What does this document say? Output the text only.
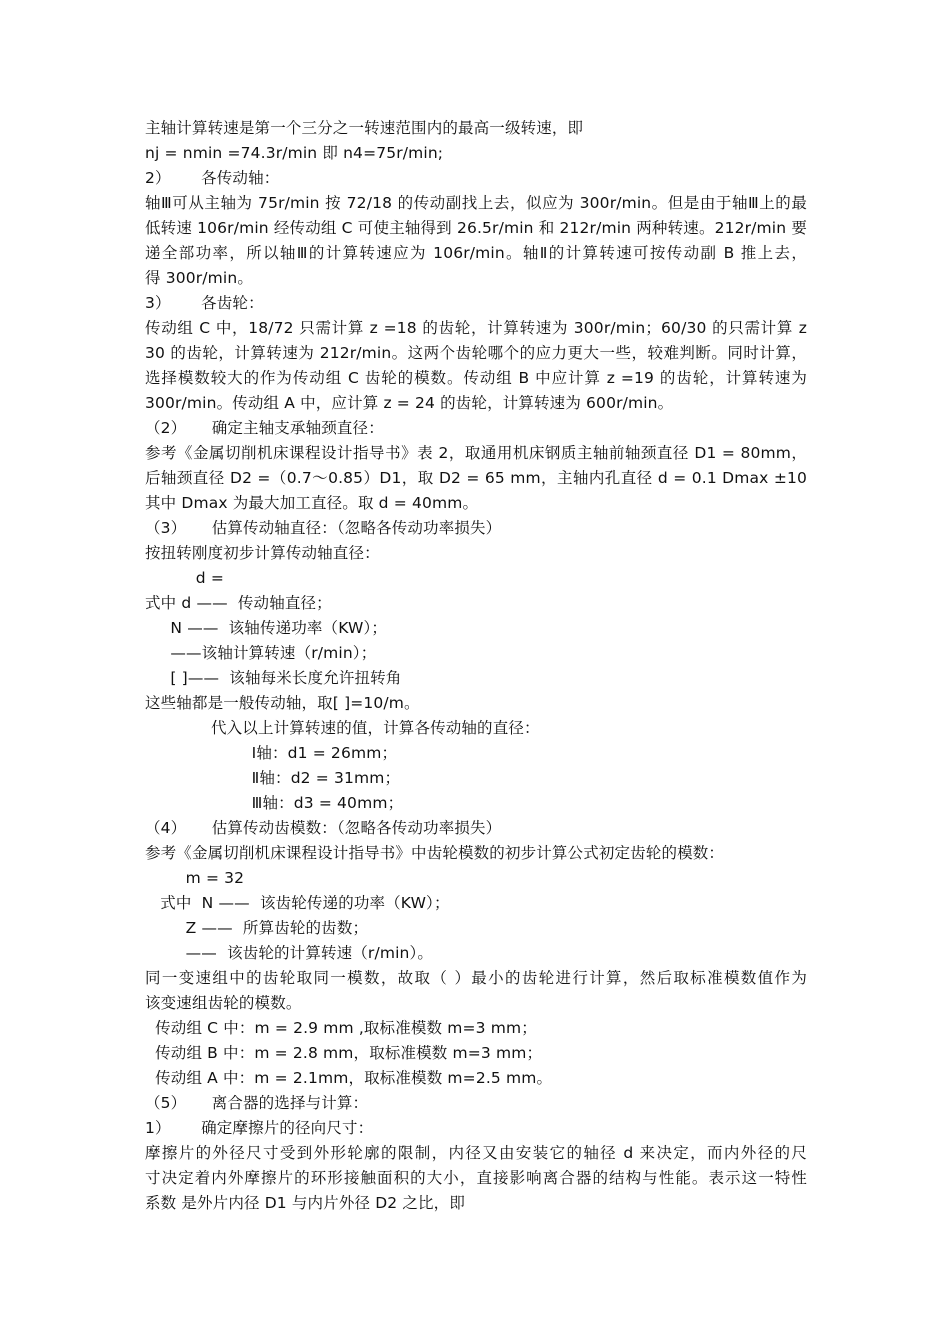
主轴计算转速是第一个三分之一转速范围内的最高一级转速，即
nj = nmin =74.3r/min 即 n4=75r/min;
2）      各传动轴：
轴Ⅲ可从主轴为 75r/min 按 72/18 的传动副找上去，似应为 300r/min。但是由于轴Ⅲ上的最
低转速 106r/min 经传动组 C 可使主轴得到 26.5r/min 和 212r/min 两种转速。212r/min 要
递全部功率，所以轴Ⅲ的计算转速应为 106r/min。轴Ⅱ的计算转速可按传动副 B 推上去，
得 300r/min。
3）      各齿轮：
传动组 C 中，18/72 只需计算 z =18 的齿轮，计算转速为 300r/min；60/30 的只需计算 z
30 的齿轮，计算转速为 212r/min。这两个齿轮哪个的应力更大一些，较难判断。同时计算，
选择模数较大的作为传动组 C 齿轮的模数。传动组 B 中应计算 z =19 的齿轮，计算转速为
300r/min。传动组 A 中，应计算 z = 24 的齿轮，计算转速为 600r/min。
（2）     确定主轴支承轴颈直径：
参考《金属切削机床课程设计指导书》表 2，取通用机床钢质主轴前轴颈直径 D1 = 80mm，
后轴颈直径 D2 =（0.7～0.85）D1，取 D2 = 65 mm，主轴内孔直径 d = 0.1 Dmax ±10
其中 Dmax 为最大加工直径。取 d = 40mm。
（3）     估算传动轴直径：（忽略各传动功率损失）
按扭转刚度初步计算传动轴直径：
d =
式中 d ——  传动轴直径；
N ——  该轴传递功率（KW）；
——该轴计算转速（r/min）；
[ ]——  该轴每米长度允许扭转角
这些轴都是一般传动轴，取[ ]=10/m。
代入以上计算转速的值，计算各传动轴的直径：
Ⅰ轴：d1 = 26mm；
Ⅱ轴：d2 = 31mm；
Ⅲ轴：d3 = 40mm；
（4）     估算传动齿模数：（忽略各传动功率损失）
参考《金属切削机床课程设计指导书》中齿轮模数的初步计算公式初定齿轮的模数：
m = 32
式中  N ——  该齿轮传递的功率（KW）；
Z ——  所算齿轮的齿数；
——  该齿轮的计算转速（r/min）。
同一变速组中的齿轮取同一模数，故取（ ）最小的齿轮进行计算，然后取标准模数值作为
该变速组齿轮的模数。
传动组 C 中：m = 2.9 mm ,取标准模数 m=3 mm；
传动组 B 中：m = 2.8 mm，取标准模数 m=3 mm；
传动组 A 中：m = 2.1mm，取标准模数 m=2.5 mm。
（5）     离合器的选择与计算：
1）      确定摩擦片的径向尺寸：
摩擦片的外径尺寸受到外形轮廓的限制，内径又由安装它的轴径 d 来决定，而内外径的尺
寸决定着内外摩擦片的环形接触面积的大小，直接影响离合器的结构与性能。表示这一特性
系数 是外片内径 D1 与内片外径 D2 之比，即
